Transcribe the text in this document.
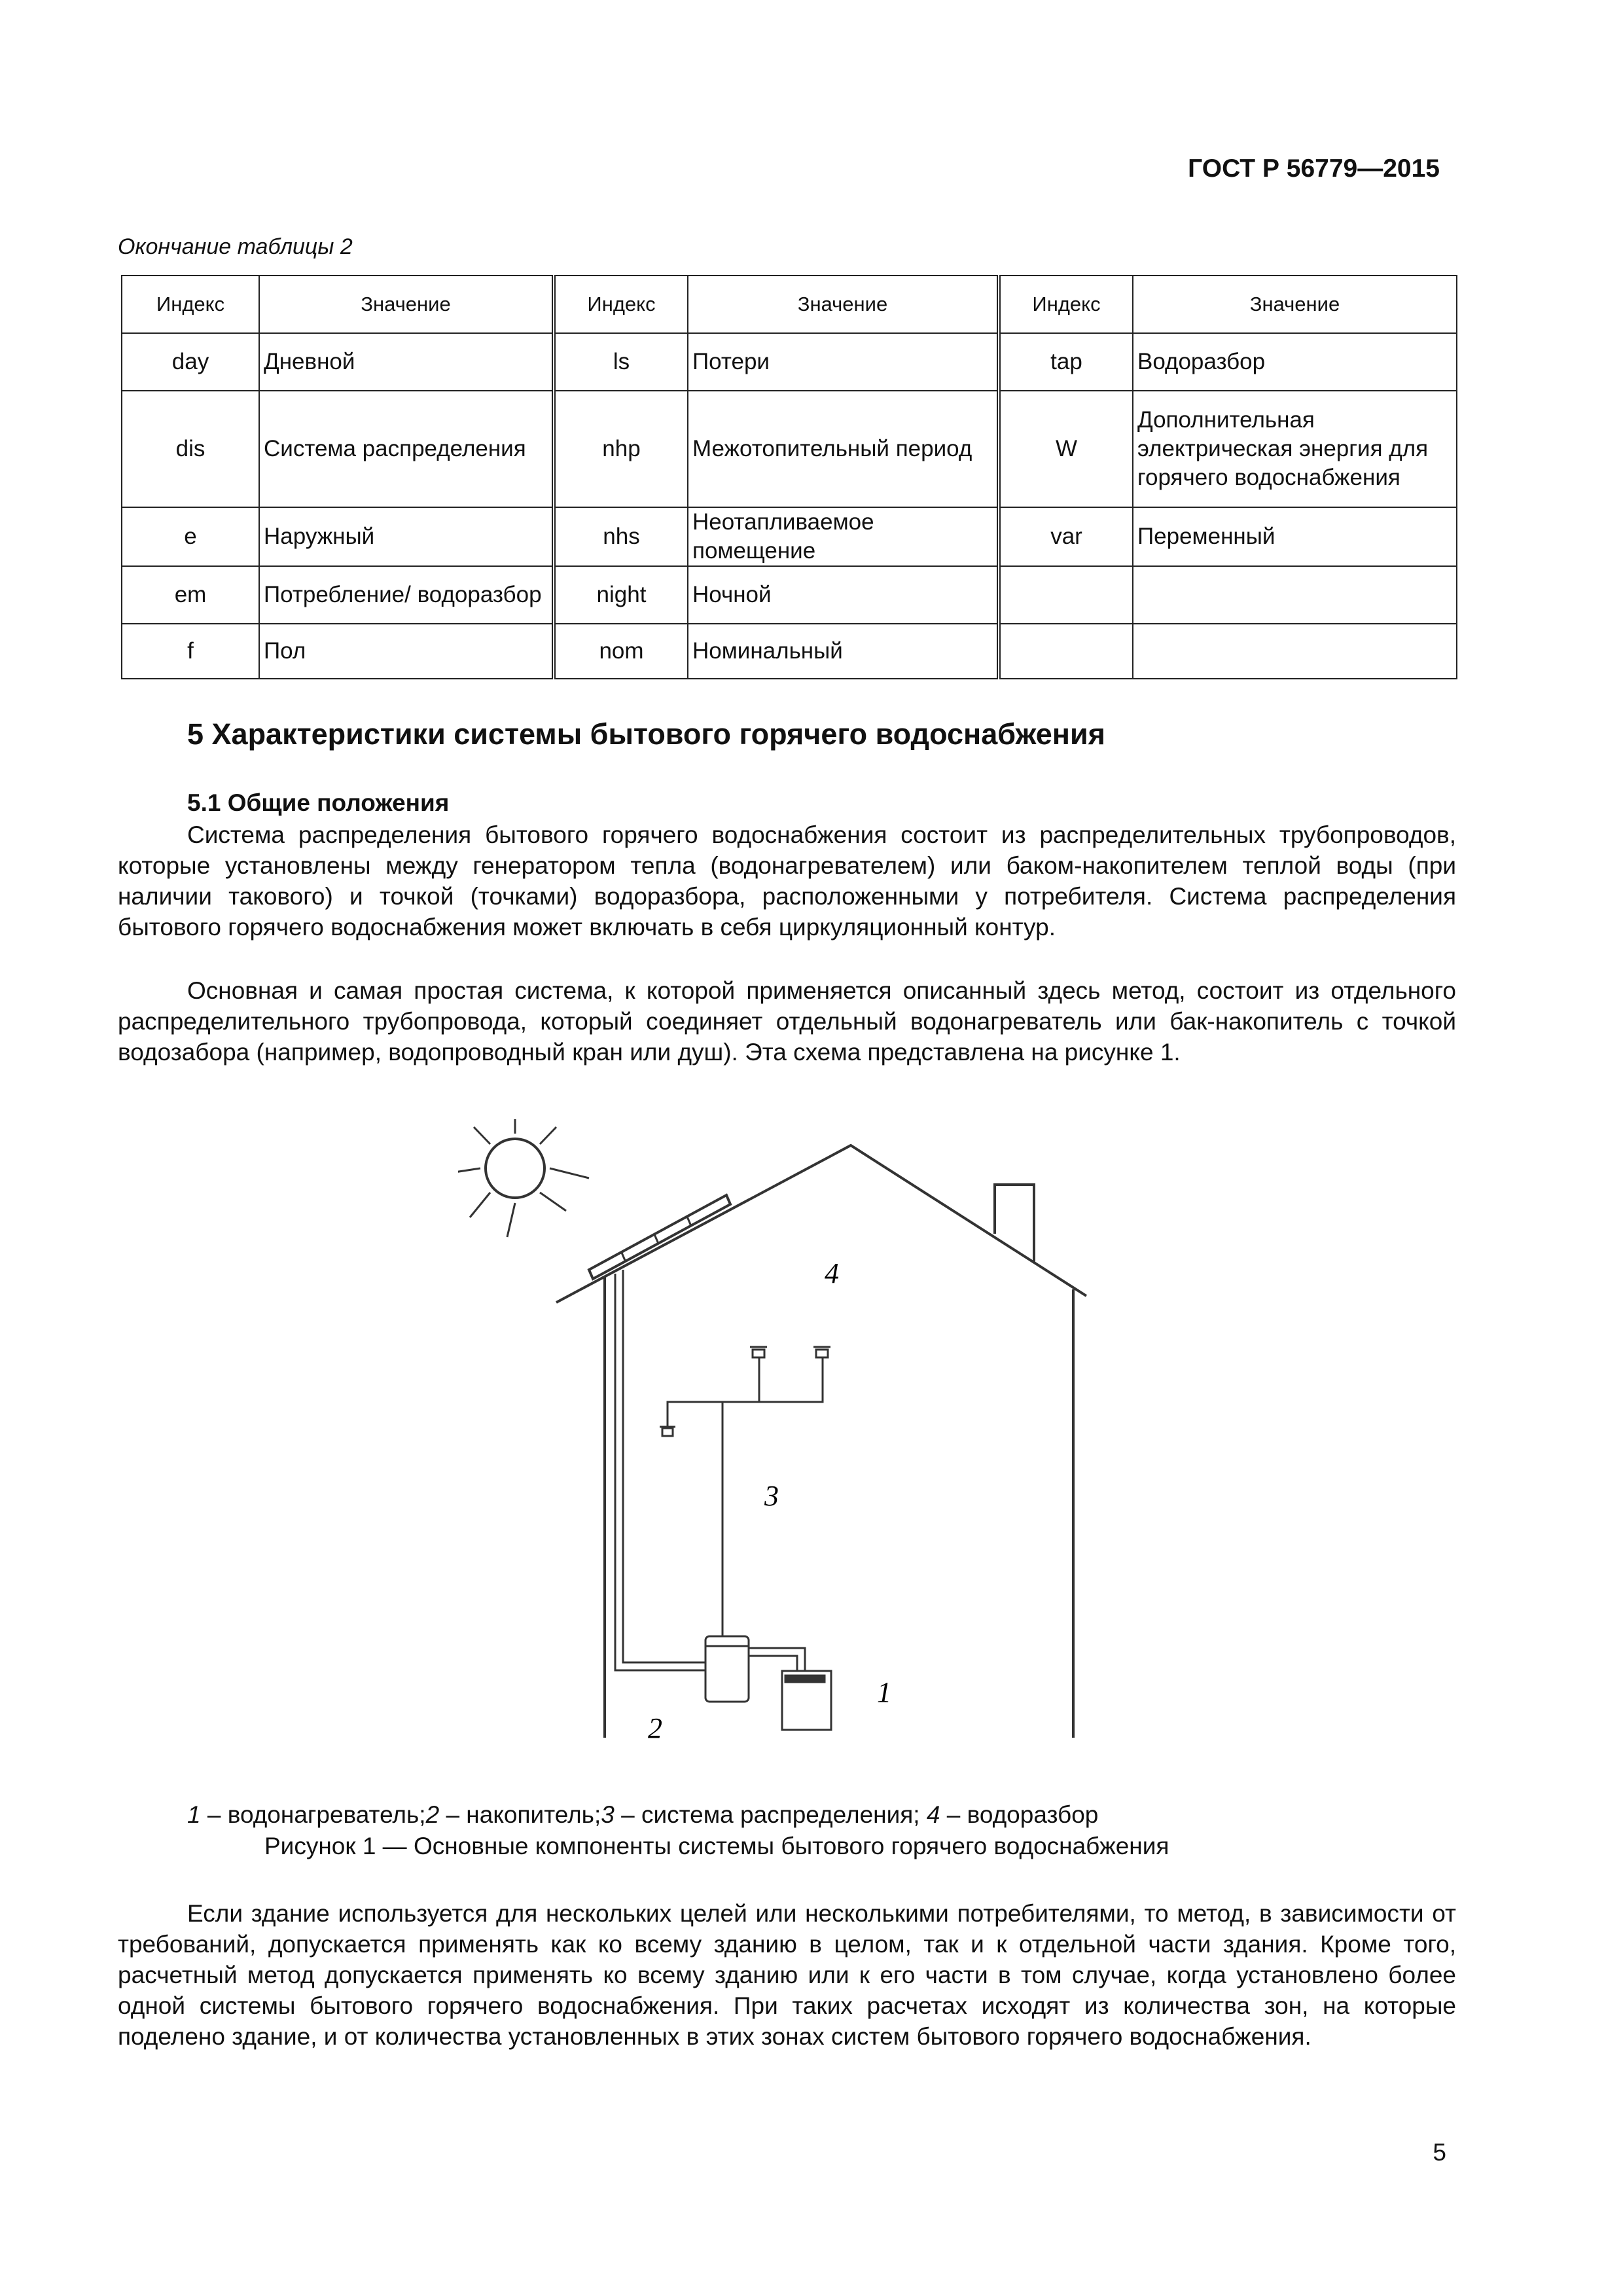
ГОСТ Р 56779—2015
Окончание таблицы 2
Индекс	Значение	Индекс	Значение	Индекс	Значение
day	Дневной	ls	Потери	tap	Водоразбор
dis	Система распределения	nhp	Межотопительный период	W	Дополнительная электрическая энергия для горячего водоснабжения
e	Наружный	nhs	Неотапливаемое помещение	var	Переменный
em	Потребление/ водоразбор	night	Ночной		
f	Пол	nom	Номинальный		
5 Характеристики системы бытового горячего водоснабжения
5.1 Общие положения

Система распределения бытового горячего водоснабжения состоит из распределительных трубопроводов, которые установлены между генератором тепла (водонагревателем) или баком-накопителем теплой воды (при наличии такового) и точкой (точками) водоразбора, расположенными у потребителя. Система распределения бытового горячего водоснабжения может включать в себя циркуляционный контур.

Основная и самая простая система, к которой применяется описанный здесь метод, состоит из отдельного распределительного трубопровода, который соединяет отдельный водонагреватель или бак-накопитель с точкой водозабора (например, водопроводный кран или душ). Эта схема представлена на рисунке 1.

4
3
1
2
1 – водонагреватель;2 – накопитель;3 – система распределения; 4 – водоразбор
Рисунок 1 — Основные компоненты системы бытового горячего водоснабжения

Если здание используется для нескольких целей или несколькими потребителями, то метод, в зависимости от требований, допускается применять как ко всему зданию в целом, так и к отдельной части здания. Кроме того, расчетный метод допускается применять ко всему зданию или к его части в том случае, когда установлено более одной системы бытового горячего водоснабжения. При таких расчетах исходят из количества зон, на которые поделено здание, и от количества установленных в этих зонах систем бытового горячего водоснабжения.

5
